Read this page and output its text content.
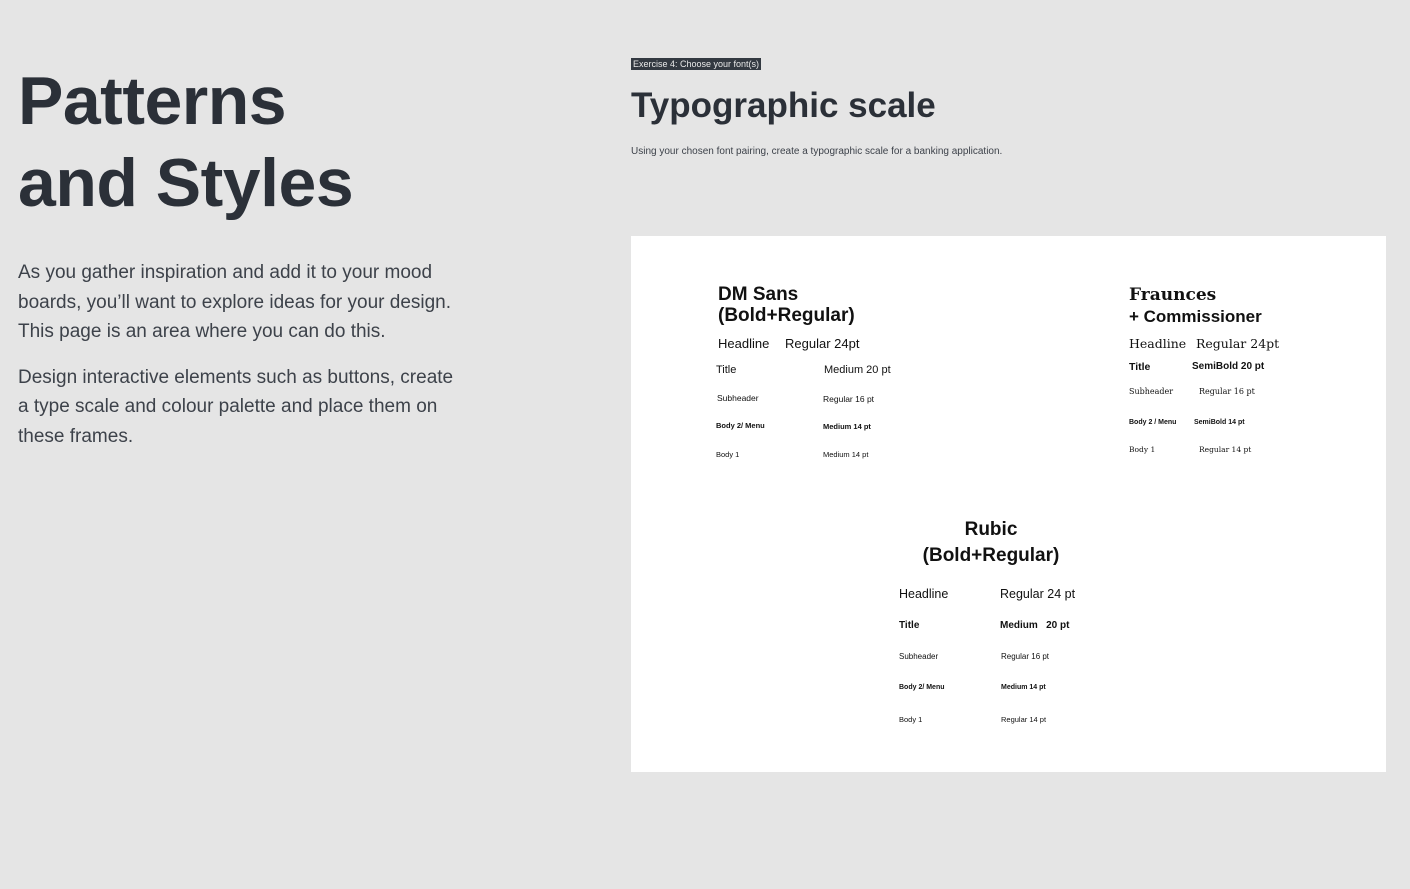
Patterns
and Styles

As you gather inspiration and add it to your mood boards, you’ll want to explore ideas for your design. This page is an area where you can do this.

Design interactive elements such as buttons, create a type scale and colour palette and place them on these frames.

Exercise 4: Choose your font(s)
Typographic scale
Using your chosen font pairing, create a typographic scale for a banking application.
DM Sans
(Bold+Regular)
Headline Regular 24pt
Title	Medium 20 pt
Subheader	Regular 16 pt
Body 2/ Menu	Medium 14 pt
Body 1	Medium 14 pt
Fraunces
+ Commissioner
Headline Regular 24pt
Title	SemiBold 20 pt
Subheader	Regular 16 pt
Body 2 / Menu	SemiBold 14 pt
Body 1	Regular 14 pt
Rubic
(Bold+Regular)
Headline	Regular 24 pt
Title	Medium   20 pt
Subheader	Regular 16 pt
Body 2/ Menu	Medium 14 pt
Body 1	Regular 14 pt
